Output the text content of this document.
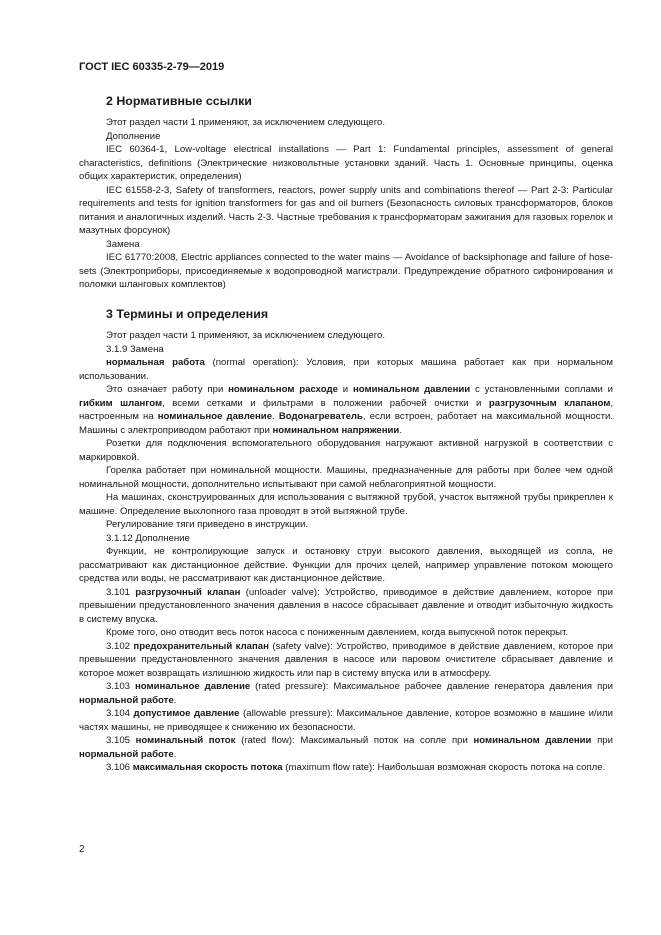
ГОСТ IEC 60335-2-79—2019
2 Нормативные ссылки

Этот раздел части 1 применяют, за исключением следующего.

Дополнение

IEC 60364-1, Low-voltage electrical installations — Part 1: Fundamental principles, assessment of general characteristics, definitions (Электрические низковольтные установки зданий. Часть 1. Основные принципы, оценка общих характеристик, определения)

IEC 61558-2-3, Safety of transformers, reactors, power supply units and combinations thereof — Part 2-3: Particular requirements and tests for ignition transformers for gas and oil burners (Безопасность силовых трансформаторов, блоков питания и аналогичных изделий. Часть 2-3. Частные требования к трансформаторам зажигания для газовых горелок и мазутных форсунок)

Замена

IEC 61770:2008, Electric appliances connected to the water mains — Avoidance of backsiphonage and failure of hose-sets (Электроприборы, присоединяемые к водопроводной магистрали. Предупреждение обратного сифонирования и поломки шланговых комплектов)

3 Термины и определения

Этот раздел части 1 применяют, за исключением следующего.

3.1.9 Замена

нормальная работа (normal operation): Условия, при которых машина работает как при нормальном использовании.

Это означает работу при номинальном расходе и номинальном давлении с установленными соплами и гибким шлангом, всеми сетками и фильтрами в положении рабочей очистки и разгрузочным клапаном, настроенным на номинальное давление. Водонагреватель, если встроен, работает на максимальной мощности. Машины с электроприводом работают при номинальном напряжении.

Розетки для подключения вспомогательного оборудования нагружают активной нагрузкой в соответствии с маркировкой.

Горелка работает при номинальной мощности. Машины, предназначенные для работы при более чем одной номинальной мощности, дополнительно испытывают при самой неблагоприятной мощности.

На машинах, сконструированных для использования с вытяжной трубой, участок вытяжной трубы прикреплен к машине. Определение выхлопного газа проводят в этой вытяжной трубе.

Регулирование тяги приведено в инструкции.

3.1.12 Дополнение

Функции, не контролирующие запуск и остановку струи высокого давления, выходящей из сопла, не рассматривают как дистанционное действие. Функции для прочих целей, например управление потоком моющего средства или воды, не рассматривают как дистанционное действие.

3.101 разгрузочный клапан (unloader valve): Устройство, приводимое в действие давлением, которое при превышении предустановленного значения давления в насосе сбрасывает давление и отводит избыточную жидкость в систему впуска.

Кроме того, оно отводит весь поток насоса с пониженным давлением, когда выпускной поток перекрыт.

3.102 предохранительный клапан (safety valve): Устройство, приводимое в действие давлением, которое при превышении предустановленного значения давления в насосе или паровом очистителе сбрасывает давление и которое может возвращать излишнюю жидкость или пар в систему впуска или в атмосферу.

3.103 номинальное давление (rated pressure): Максимальное рабочее давление генератора давления при нормальной работе.

3.104 допустимое давление (allowable pressure): Максимальное давление, которое возможно в машине и/или частях машины, не приводящее к снижению их безопасности.

3.105 номинальный поток (rated flow): Максимальный поток на сопле при номинальном давлении при нормальной работе.

3.106 максимальная скорость потока (maximum flow rate): Наибольшая возможная скорость потока на сопле.

2
